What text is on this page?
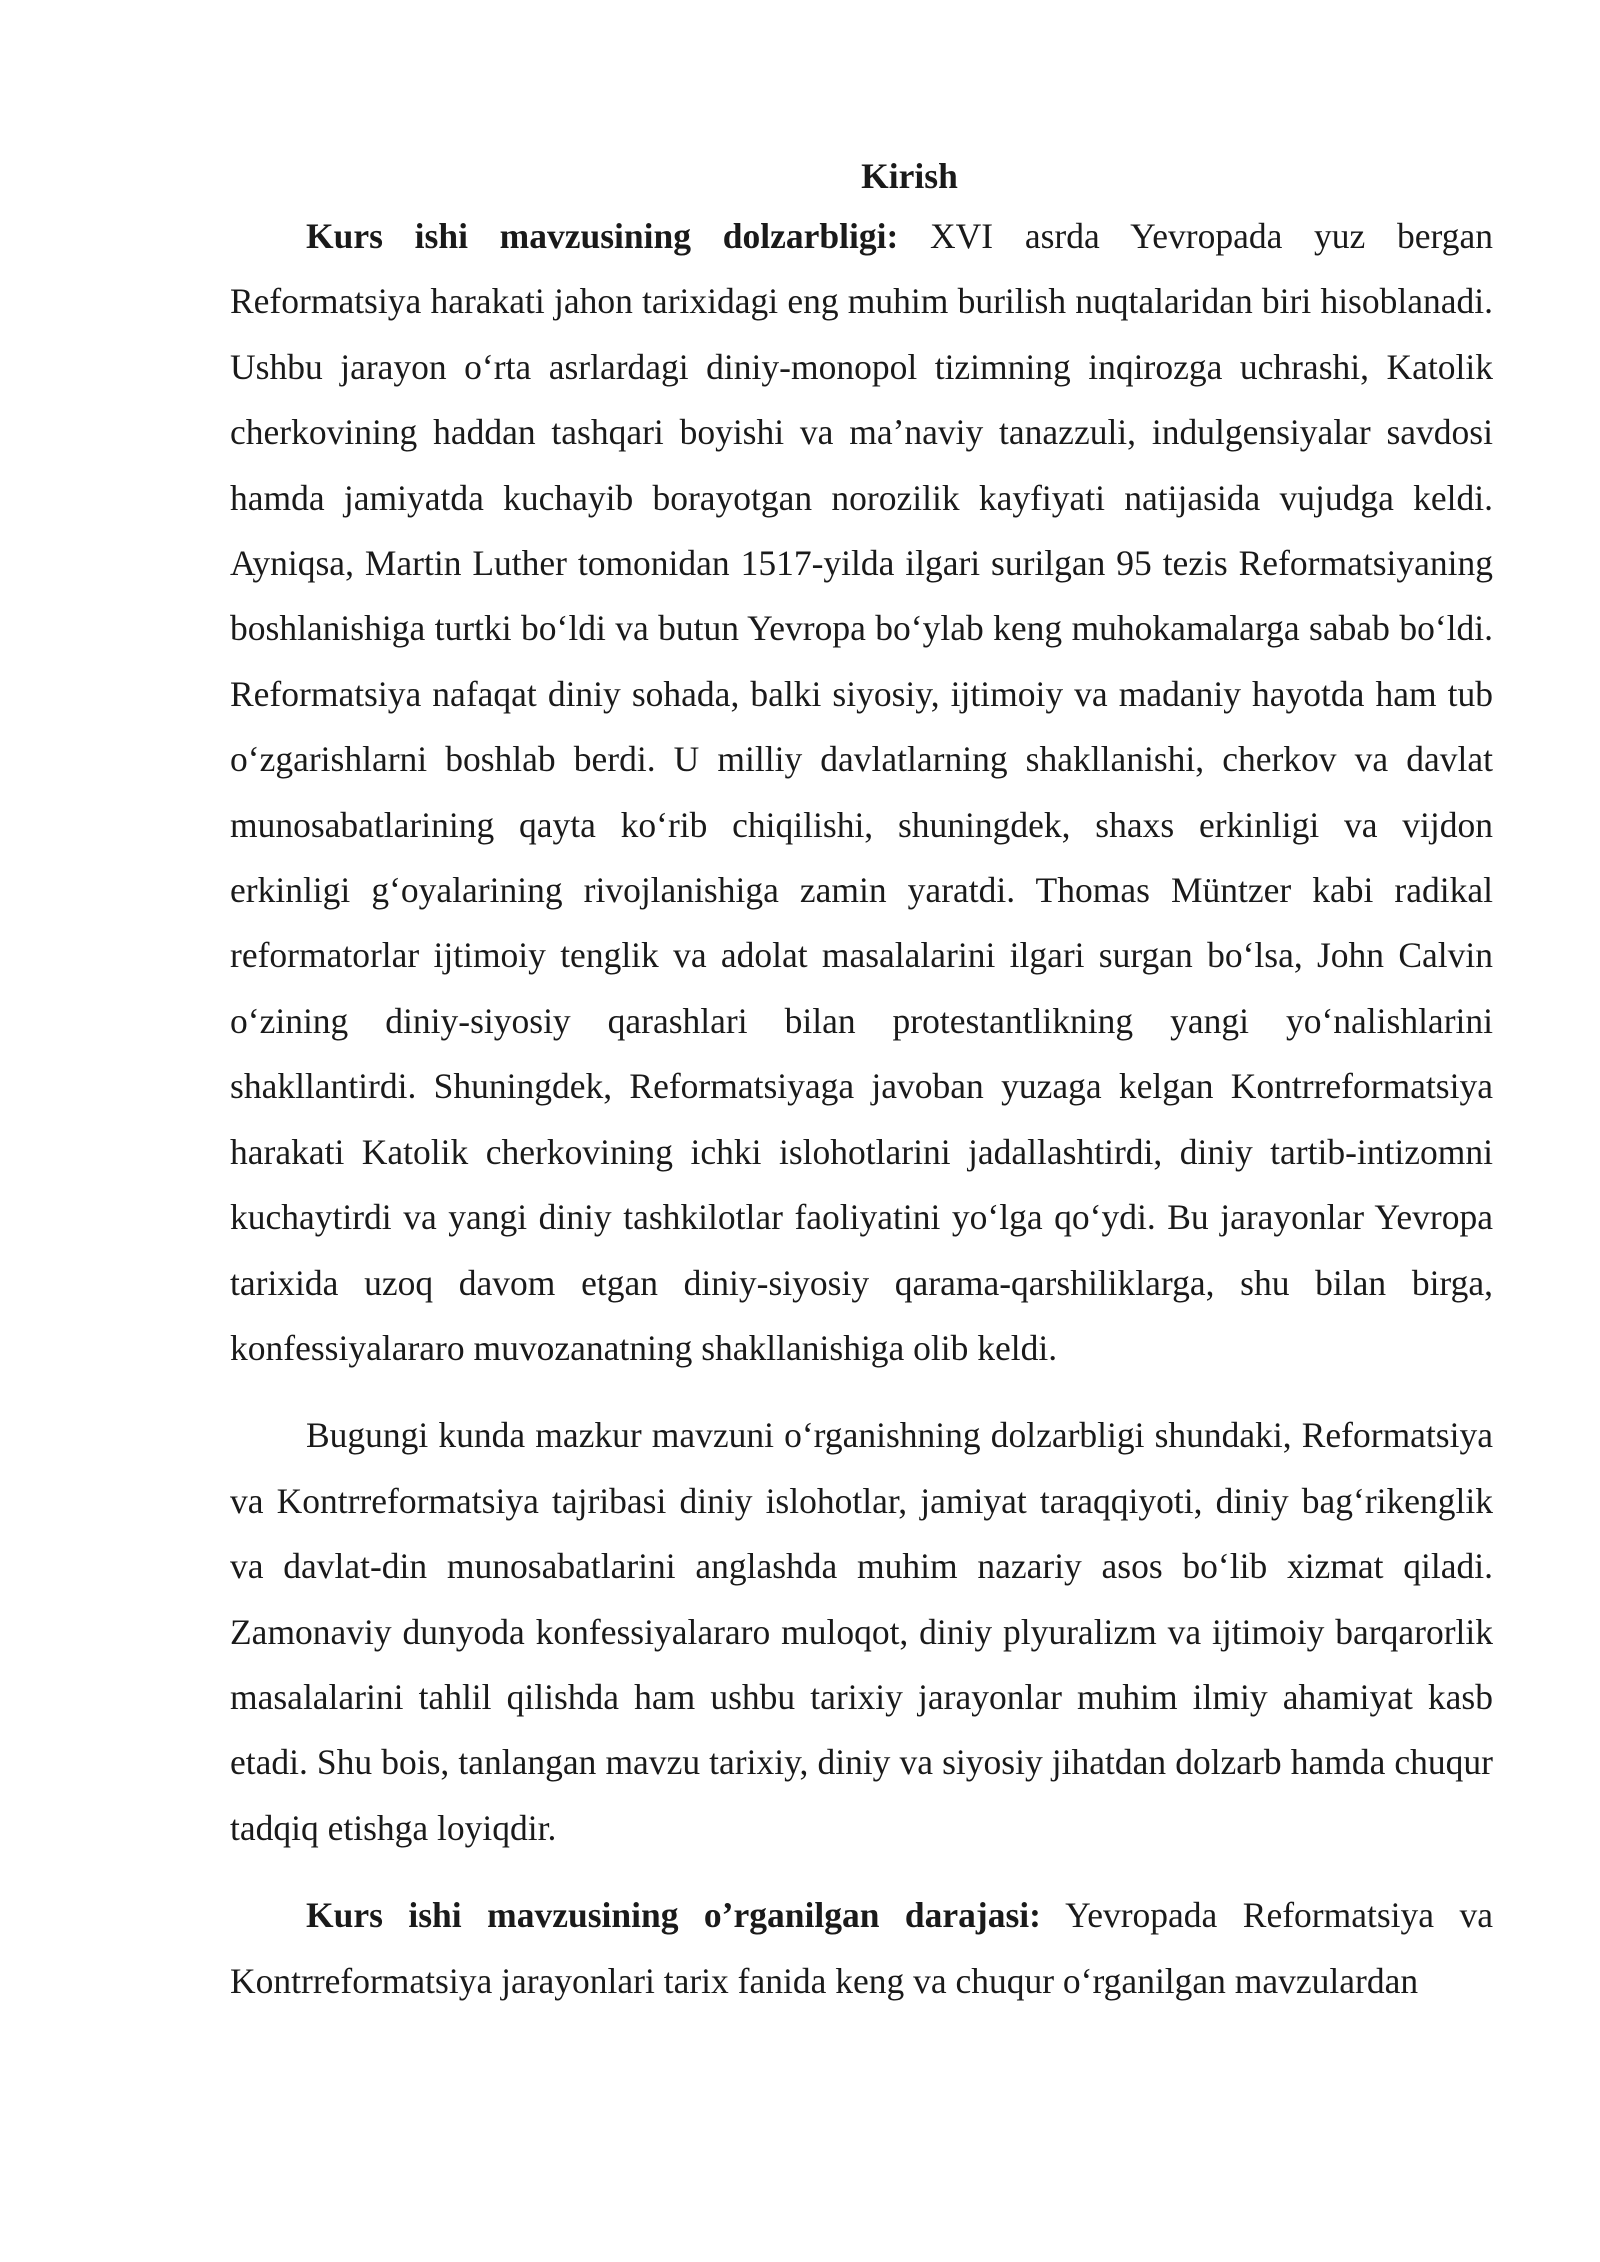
Kirish

Kurs ishi mavzusining dolzarbligi: XVI asrda Yevropada yuz bergan Reformatsiya harakati jahon tarixidagi eng muhim burilish nuqtalaridan biri hisoblanadi. Ushbu jarayon oʻrta asrlardagi diniy-monopol tizimning inqirozga uchrashi, Katolik cherkovining haddan tashqari boyishi va maʼnaviy tanazzuli, indulgensiyalar savdosi hamda jamiyatda kuchayib borayotgan norozilik kayfiyati natijasida vujudga keldi. Ayniqsa, Martin Luther tomonidan 1517-yilda ilgari surilgan 95 tezis Reformatsiyaning boshlanishiga turtki boʻldi va butun Yevropa boʻylab keng muhokamalarga sabab boʻldi. Reformatsiya nafaqat diniy sohada, balki siyosiy, ijtimoiy va madaniy hayotda ham tub oʻzgarishlarni boshlab berdi. U milliy davlatlarning shakllanishi, cherkov va davlat munosabatlarining qayta koʻrib chiqilishi, shuningdek, shaxs erkinligi va vijdon erkinligi gʻoyalarining rivojlanishiga zamin yaratdi. Thomas Müntzer kabi radikal reformatorlar ijtimoiy tenglik va adolat masalalarini ilgari surgan boʻlsa, John Calvin oʻzining diniy-siyosiy qarashlari bilan protestantlikning yangi yoʻnalishlarini shakllantirdi. Shuningdek, Reformatsiyaga javoban yuzaga kelgan Kontrreformatsiya harakati Katolik cherkovining ichki islohotlarini jadallashtirdi, diniy tartib-intizomni kuchaytirdi va yangi diniy tashkilotlar faoliyatini yoʻlga qoʻydi. Bu jarayonlar Yevropa tarixida uzoq davom etgan diniy-siyosiy qarama-qarshiliklarga, shu bilan birga, konfessiyalararo muvozanatning shakllanishiga olib keldi.

Bugungi kunda mazkur mavzuni oʻrganishning dolzarbligi shundaki, Reformatsiya va Kontrreformatsiya tajribasi diniy islohotlar, jamiyat taraqqiyoti, diniy bagʻrikenglik va davlat-din munosabatlarini anglashda muhim nazariy asos boʻlib xizmat qiladi. Zamonaviy dunyoda konfessiyalararo muloqot, diniy plyuralizm va ijtimoiy barqarorlik masalalarini tahlil qilishda ham ushbu tarixiy jarayonlar muhim ilmiy ahamiyat kasb etadi. Shu bois, tanlangan mavzu tarixiy, diniy va siyosiy jihatdan dolzarb hamda chuqur tadqiq etishga loyiqdir.

Kurs ishi mavzusining oʼrganilgan darajasi: Yevropada Reformatsiya va Kontrreformatsiya jarayonlari tarix fanida keng va chuqur oʻrganilgan mavzulardan
